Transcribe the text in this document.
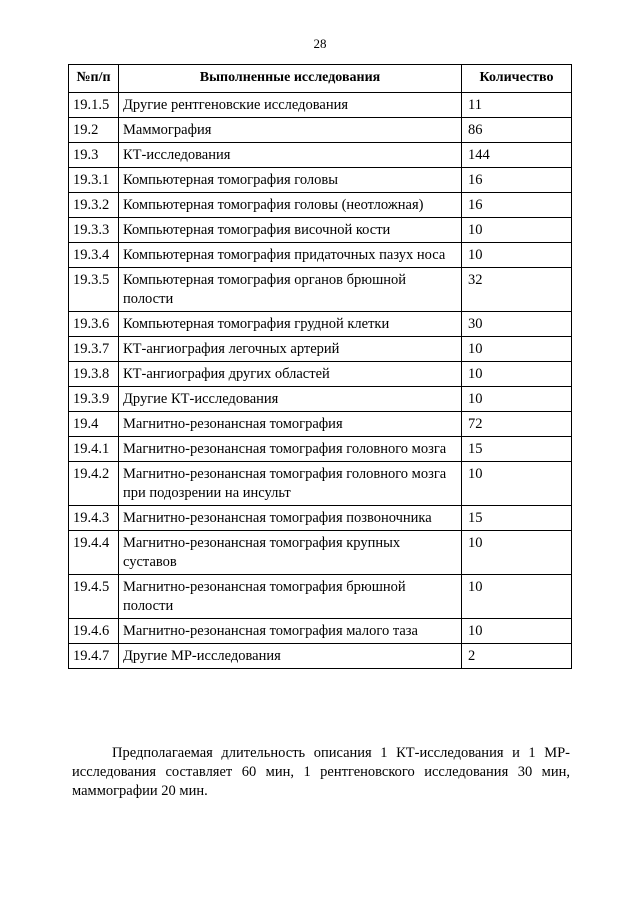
28
№п/п	Выполненные исследования	Количество
19.1.5	Другие рентгеновские исследования	11
19.2	Маммография	86
19.3	КТ-исследования	144
19.3.1	Компьютерная томография головы	16
19.3.2	Компьютерная томография головы (неотложная)	16
19.3.3	Компьютерная томография височной кости	10
19.3.4	Компьютерная томография придаточных пазух носа	10
19.3.5	Компьютерная томография органов брюшной полости	32
19.3.6	Компьютерная томография грудной клетки	30
19.3.7	КТ-ангиография легочных артерий	10
19.3.8	КТ-ангиография других областей	10
19.3.9	Другие КТ-исследования	10
19.4	Магнитно-резонансная томография	72
19.4.1	Магнитно-резонансная томография головного мозга	15
19.4.2	Магнитно-резонансная томография головного мозга при подозрении на инсульт	10
19.4.3	Магнитно-резонансная томография позвоночника	15
19.4.4	Магнитно-резонансная томография крупных суставов	10
19.4.5	Магнитно-резонансная томография брюшной полости	10
19.4.6	Магнитно-резонансная томография малого таза	10
19.4.7	Другие МР-исследования	2
Предполагаемая длительность описания 1 КТ-исследования и 1 МР-исследования составляет 60 мин, 1 рентгеновского исследования 30 мин, маммографии 20 мин.
